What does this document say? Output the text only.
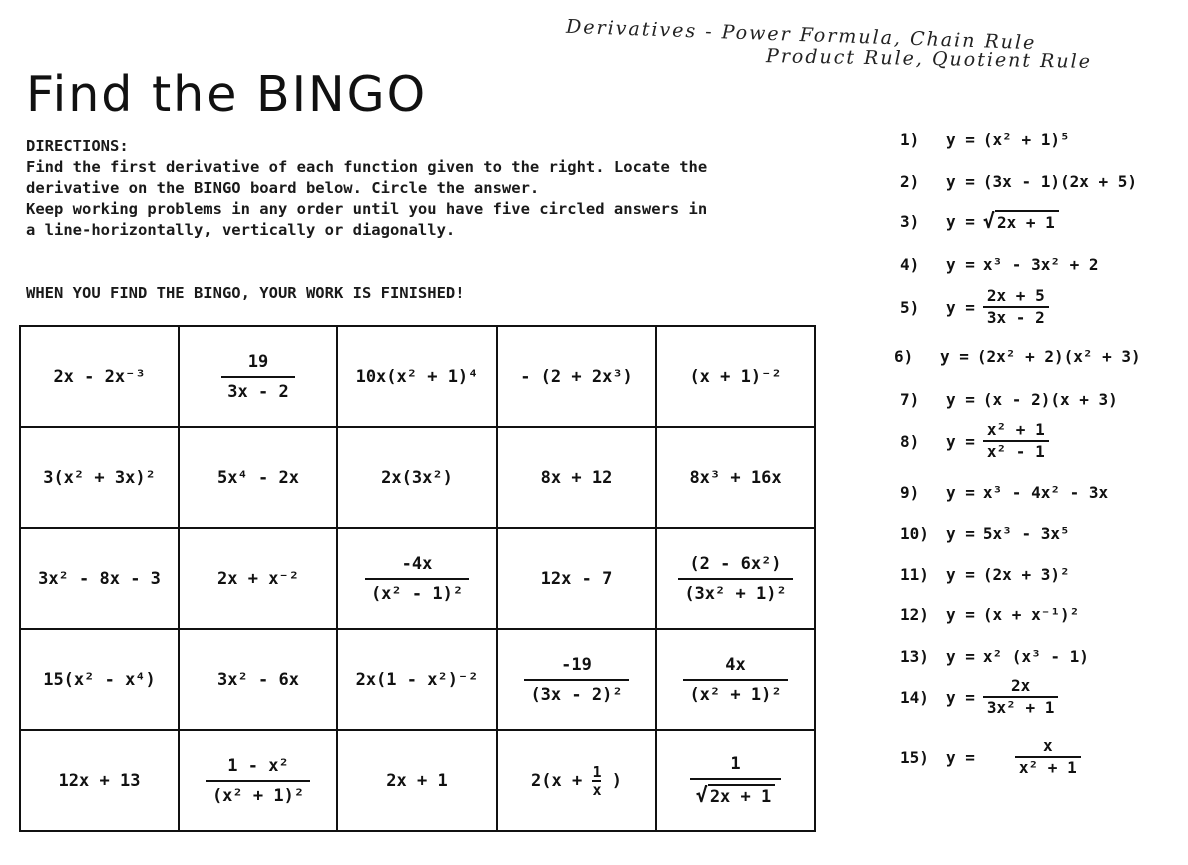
Derivatives - Power Formula, Chain Rule
Product Rule, Quotient Rule
Find the BINGO
DIRECTIONS:
Find the first derivative of each function given to the right. Locate the
derivative on the BINGO board below. Circle the answer.
Keep working problems in any order until you have five circled answers in
a line-horizontally, vertically or diagonally.
WHEN YOU FIND THE BINGO, YOUR WORK IS FINISHED!
2x - 2x⁻³	$\frac{19}{3x - 2}$	10x(x² + 1)⁴	- (2 + 2x³)	(x + 1)⁻²
3(x² + 3x)²	5x⁴ - 2x	2x(3x²)	8x + 12	8x³ + 16x
3x² - 8x - 3	2x + x⁻²	$\frac{-4x}{\text{(x² - 1)²}}$	12x - 7	$\frac{\text{(2 - 6x²)}}{\text{(3x² + 1)²}}$

15(x² - x⁴)	3x² - 6x	2x(1 - x²)⁻²	$\frac{-19}{\text{(3x - 2)²}}$	$\frac{4x}{\text{(x² + 1)²}}$

12x + 13	$\frac{\text{1 - x²}}{\text{(x² + 1)²}}$	2x + 1	$2(x + \frac{1}{x}$ )	$\frac{1}{√ 2x + 1}$
1)	y = (x² + 1)⁵
2)	y = (3x - 1)(2x + 5)
3)	y = √ 2x + 1
4)	y = x³ - 3x² + 2
5)	y =
2x + 5
3x - 2
6)	y = (2x² + 2)(x² + 3)
7)	y = (x - 2)(x + 3)
8)	y =
x² + 1
x² - 1
9)	y = x³ - 4x² - 3x
10)	y = 5x³ - 3x⁵
11)	y = (2x + 3)²
12)	y = (x + x⁻¹)²
13)	y = x² (x³ - 1)
14)	y =
2x
3x² + 1
15)	y =
x
x² + 1
